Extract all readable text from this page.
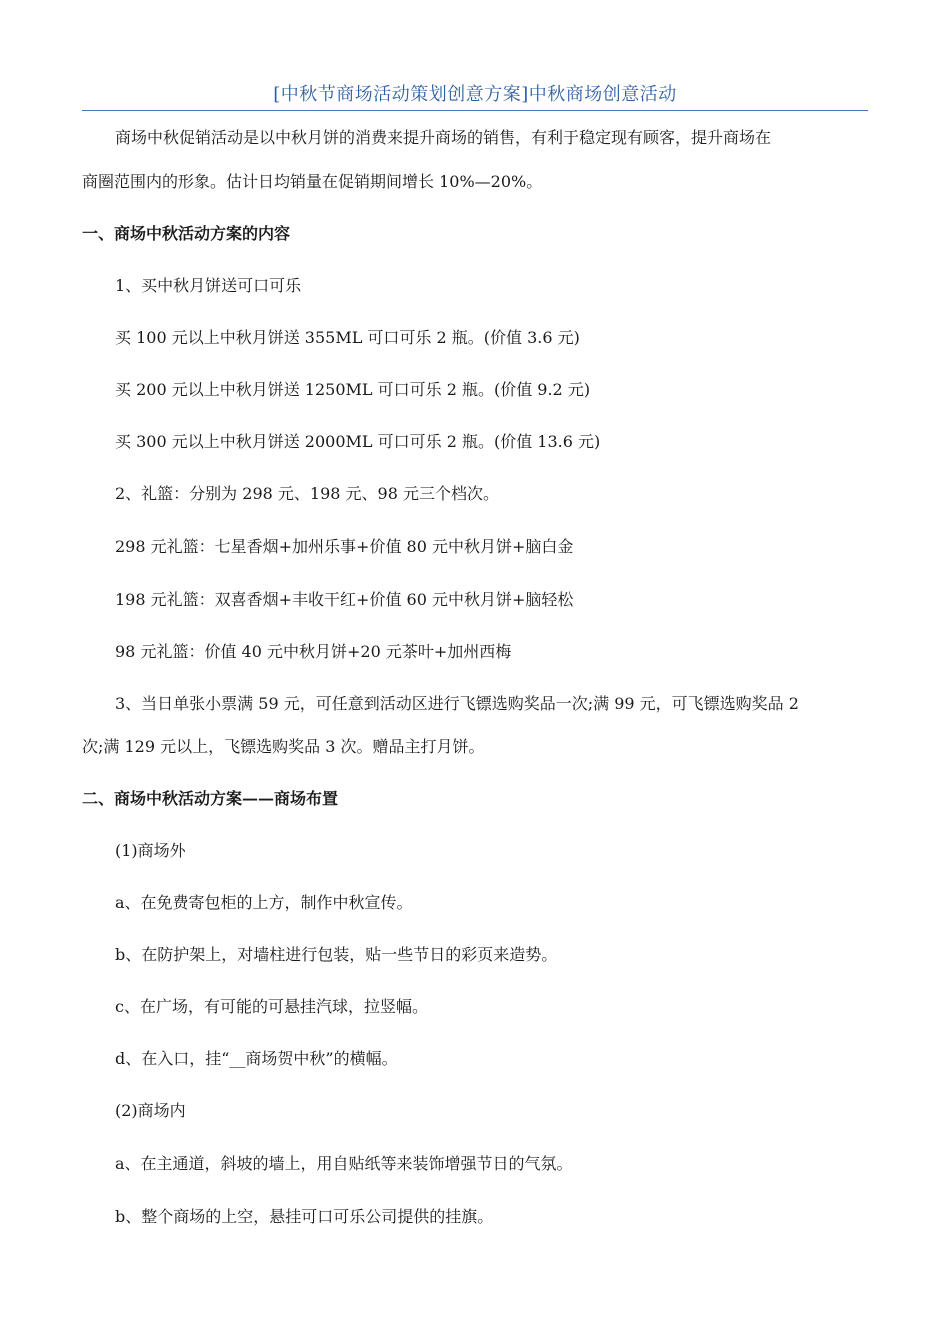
[中秋节商场活动策划创意方案]中秋商场创意活动
商场中秋促销活动是以中秋月饼的消费来提升商场的销售，有利于稳定现有顾客，提升商场在
商圈范围内的形象。估计日均销量在促销期间增长 10%—20%。
一、商场中秋活动方案的内容
1、买中秋月饼送可口可乐
买 100 元以上中秋月饼送 355ML 可口可乐 2 瓶。(价值 3.6 元)
买 200 元以上中秋月饼送 1250ML 可口可乐 2 瓶。(价值 9.2 元)
买 300 元以上中秋月饼送 2000ML 可口可乐 2 瓶。(价值 13.6 元)
2、礼篮：分别为 298 元、198 元、98 元三个档次。
298 元礼篮：七星香烟+加州乐事+价值 80 元中秋月饼+脑白金
198 元礼篮：双喜香烟+丰收干红+价值 60 元中秋月饼+脑轻松
98 元礼篮：价值 40 元中秋月饼+20 元茶叶+加州西梅
3、当日单张小票满 59 元，可任意到活动区进行飞镖选购奖品一次;满 99 元，可飞镖选购奖品 2
次;满 129 元以上，飞镖选购奖品 3 次。赠品主打月饼。
二、商场中秋活动方案——商场布置
(1)商场外
a、在免费寄包柜的上方，制作中秋宣传。
b、在防护架上，对墙柱进行包装，贴一些节日的彩页来造势。
c、在广场，有可能的可悬挂汽球，拉竖幅。
d、在入口，挂“__商场贺中秋”的横幅。
(2)商场内
a、在主通道，斜坡的墙上，用自贴纸等来装饰增强节日的气氛。
b、整个商场的上空，悬挂可口可乐公司提供的挂旗。
